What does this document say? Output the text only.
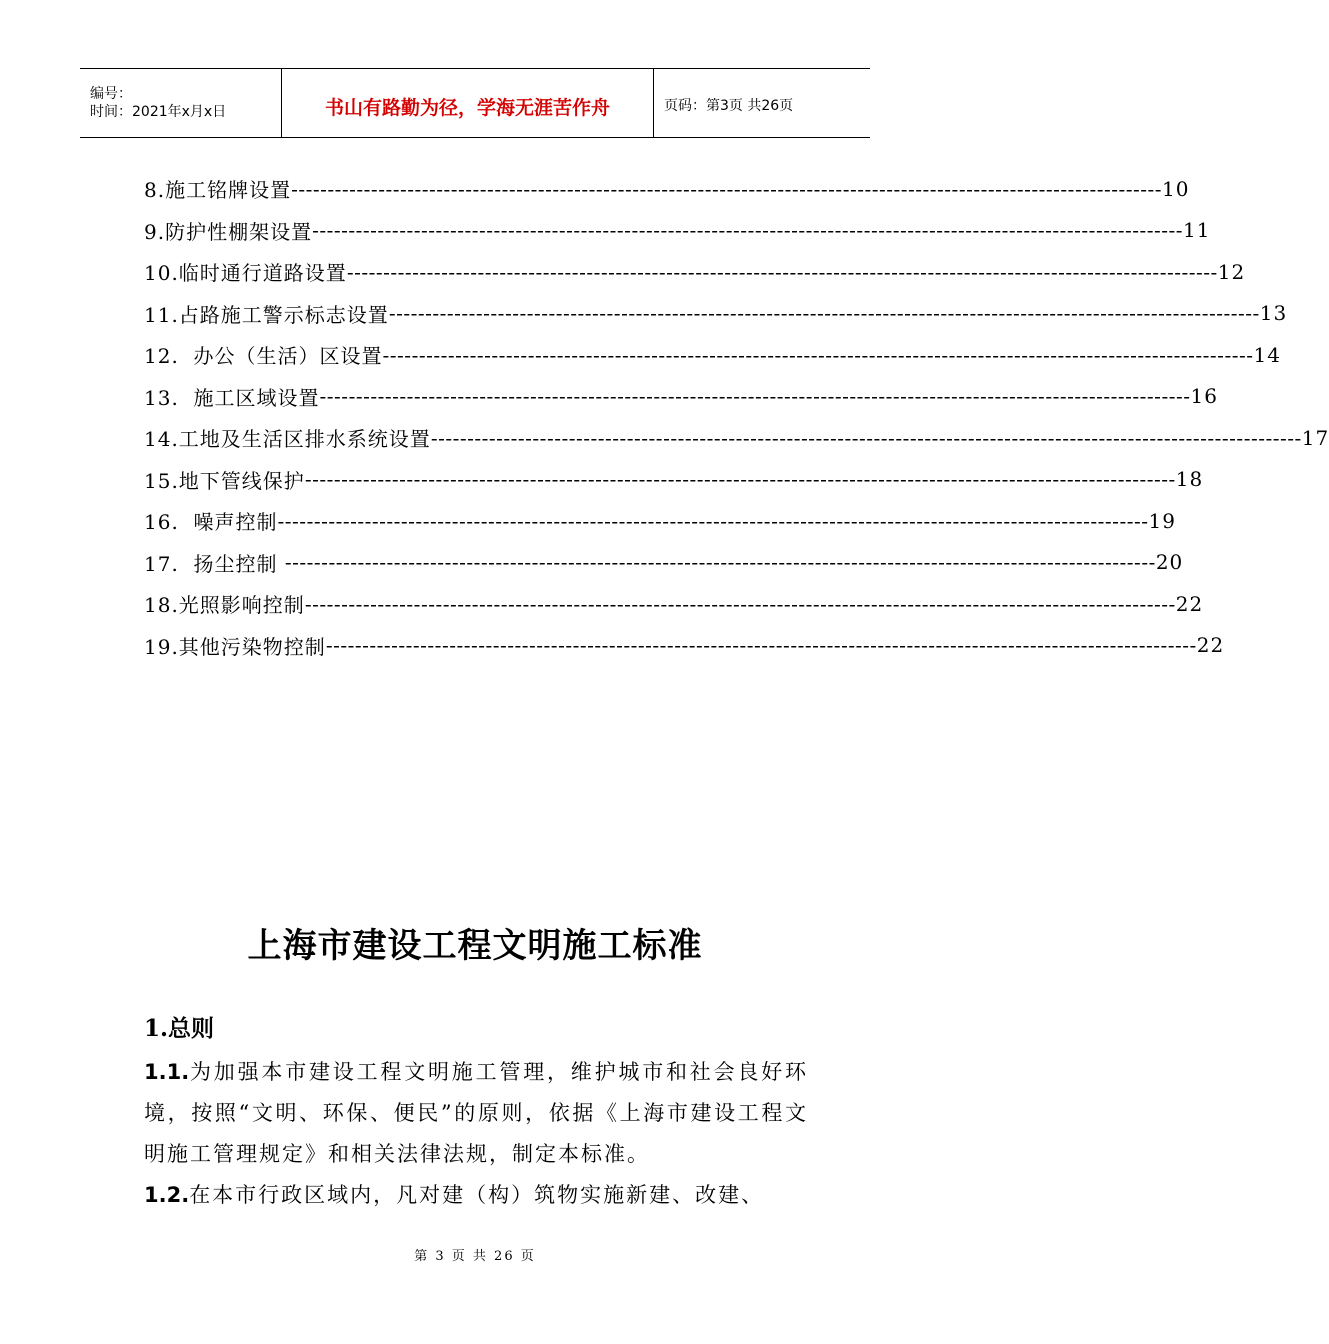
编号：
时间：2021年x月x日	书山有路勤为径，学海无涯苦作舟	页码：第3页 共26页
8.施工铭牌设置 ------------------------------------------------------------------------------------------------------------------------ 10
9.防护性棚架设置 ------------------------------------------------------------------------------------------------------------------------ 11
10.临时通行道路设置 ------------------------------------------------------------------------------------------------------------------------ 12
11.占路施工警示标志设置 ------------------------------------------------------------------------------------------------------------------------ 13
12.  办公（生活）区设置 ------------------------------------------------------------------------------------------------------------------------ 14
13.  施工区域设置 ------------------------------------------------------------------------------------------------------------------------ 16
14.工地及生活区排水系统设置 ------------------------------------------------------------------------------------------------------------------------ 17
15.地下管线保护 ------------------------------------------------------------------------------------------------------------------------ 18
16.  噪声控制 ------------------------------------------------------------------------------------------------------------------------ 19
17.  扬尘控制 ------------------------------------------------------------------------------------------------------------------------ 20
18.光照影响控制 ------------------------------------------------------------------------------------------------------------------------ 22
19.其他污染物控制 ------------------------------------------------------------------------------------------------------------------------ 22
上海市建设工程文明施工标准
1.总则
1.1.为加强本市建设工程文明施工管理，维护城市和社会良好环境，按照“文明、环保、便民”的原则，依据《上海市建设工程文明施工管理规定》和相关法律法规，制定本标准。
1.2.在本市行政区域内，凡对建（构）筑物实施新建、改建、
第 3 页 共 26 页
